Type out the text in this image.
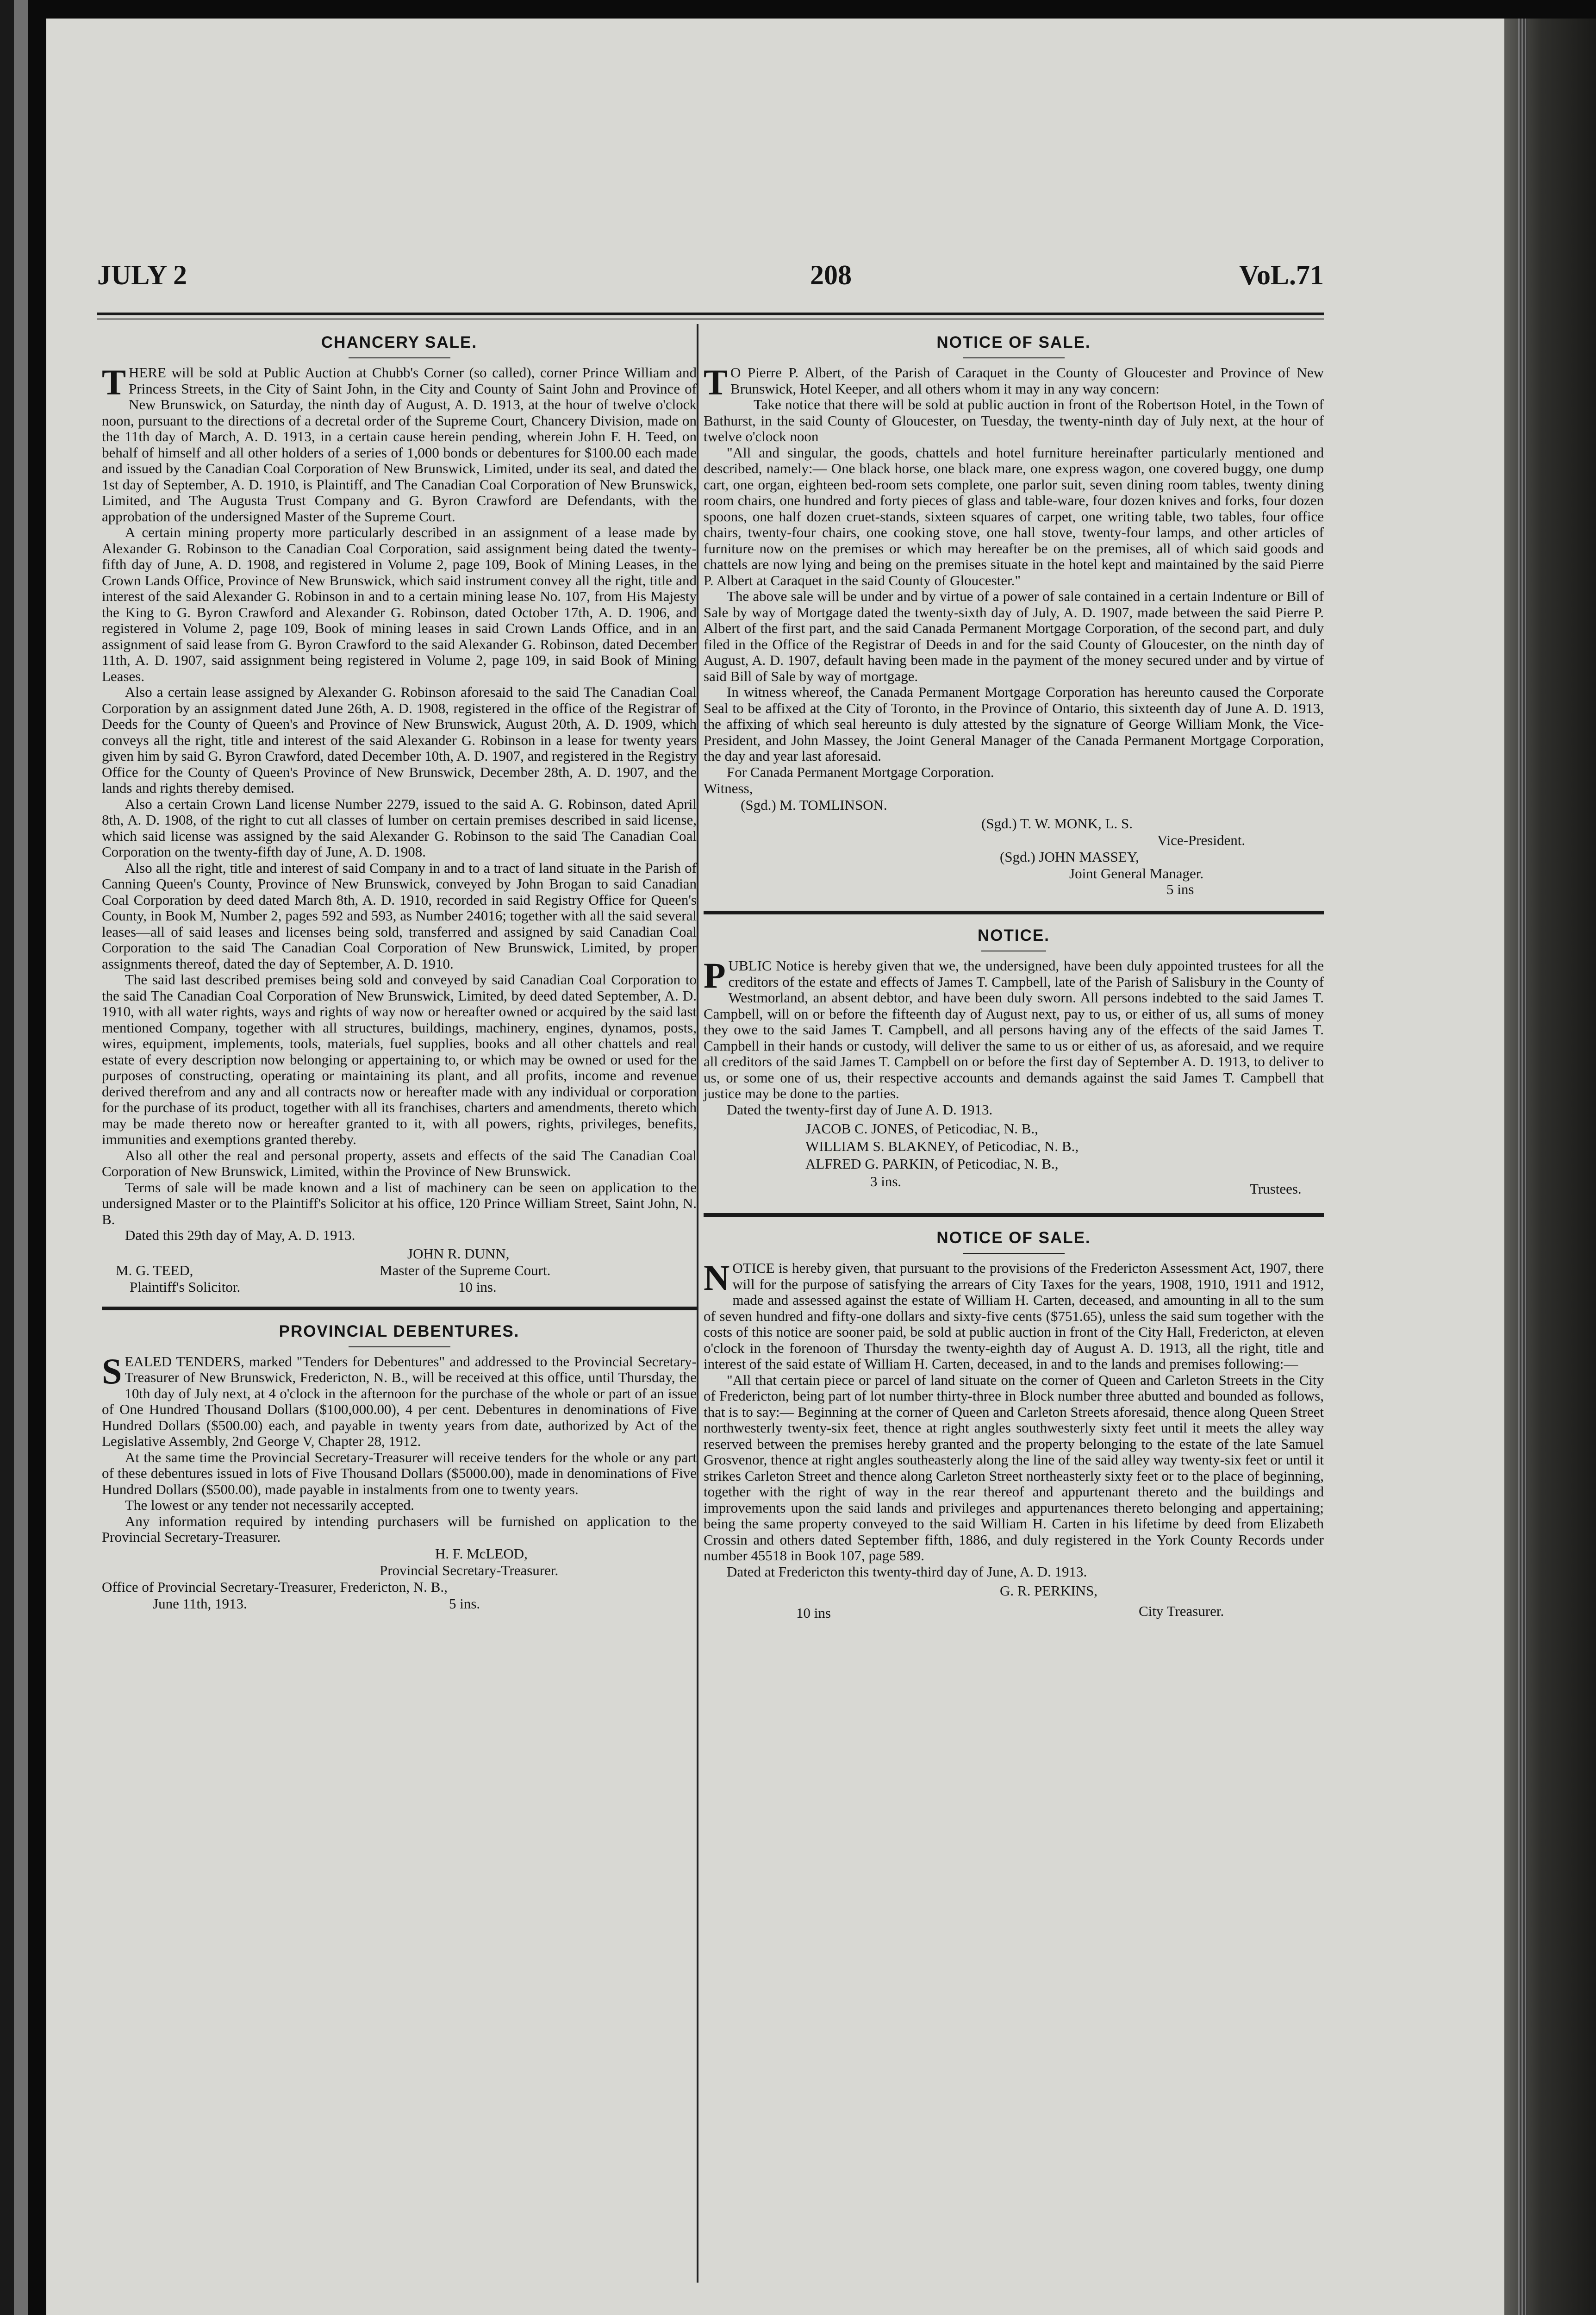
JULY 2	208	VoL.71
CHANCERY SALE.

THERE will be sold at Public Auction at Chubb's Corner (so called), corner Prince William and Princess Streets, in the City of Saint John, in the City and County of Saint John and Province of New Brunswick, on Saturday, the ninth day of August, A. D. 1913, at the hour of twelve o'clock noon, pursuant to the directions of a decretal order of the Supreme Court, Chancery Division, made on the 11th day of March, A. D. 1913, in a certain cause herein pending, wherein John F. H. Teed, on behalf of himself and all other holders of a series of 1,000 bonds or debentures for $100.00 each made and issued by the Canadian Coal Corporation of New Brunswick, Limited, under its seal, and dated the 1st day of September, A. D. 1910, is Plaintiff, and The Canadian Coal Corporation of New Brunswick, Limited, and The Augusta Trust Company and G. Byron Crawford are Defendants, with the approbation of the undersigned Master of the Supreme Court.

A certain mining property more particularly described in an assignment of a lease made by Alexander G. Robinson to the Canadian Coal Corporation, said assignment being dated the twenty-fifth day of June, A. D. 1908, and registered in Volume 2, page 109, Book of Mining Leases, in the Crown Lands Office, Province of New Brunswick, which said instrument convey all the right, title and interest of the said Alexander G. Robinson in and to a certain mining lease No. 107, from His Majesty the King to G. Byron Crawford and Alexander G. Robinson, dated October 17th, A. D. 1906, and registered in Volume 2, page 109, Book of mining leases in said Crown Lands Office, and in an assignment of said lease from G. Byron Crawford to the said Alexander G. Robinson, dated December 11th, A. D. 1907, said assignment being registered in Volume 2, page 109, in said Book of Mining Leases.

Also a certain lease assigned by Alexander G. Robinson aforesaid to the said The Canadian Coal Corporation by an assignment dated June 26th, A. D. 1908, registered in the office of the Registrar of Deeds for the County of Queen's and Province of New Brunswick, August 20th, A. D. 1909, which conveys all the right, title and interest of the said Alexander G. Robinson in a lease for twenty years given him by said G. Byron Crawford, dated December 10th, A. D. 1907, and registered in the Registry Office for the County of Queen's Province of New Brunswick, December 28th, A. D. 1907, and the lands and rights thereby demised.

Also a certain Crown Land license Number 2279, issued to the said A. G. Robinson, dated April 8th, A. D. 1908, of the right to cut all classes of lumber on certain premises described in said license, which said license was assigned by the said Alexander G. Robinson to the said The Canadian Coal Corporation on the twenty-fifth day of June, A. D. 1908.

Also all the right, title and interest of said Company in and to a tract of land situate in the Parish of Canning Queen's County, Province of New Brunswick, conveyed by John Brogan to said Canadian Coal Corporation by deed dated March 8th, A. D. 1910, recorded in said Registry Office for Queen's County, in Book M, Number 2, pages 592 and 593, as Number 24016; together with all the said several leases—all of said leases and licenses being sold, transferred and assigned by said Canadian Coal Corporation to the said The Canadian Coal Corporation of New Brunswick, Limited, by proper assignments thereof, dated the day of September, A. D. 1910.

The said last described premises being sold and conveyed by said Canadian Coal Corporation to the said The Canadian Coal Corporation of New Brunswick, Limited, by deed dated September, A. D. 1910, with all water rights, ways and rights of way now or hereafter owned or acquired by the said last mentioned Company, together with all structures, buildings, machinery, engines, dynamos, posts, wires, equipment, implements, tools, materials, fuel supplies, books and all other chattels and real estate of every description now belonging or appertaining to, or which may be owned or used for the purposes of constructing, operating or maintaining its plant, and all profits, income and revenue derived therefrom and any and all contracts now or hereafter made with any individual or corporation for the purchase of its product, together with all its franchises, charters and amendments, thereto which may be made thereto now or hereafter granted to it, with all powers, rights, privileges, benefits, immunities and exemptions granted thereby.

Also all other the real and personal property, assets and effects of the said The Canadian Coal Corporation of New Brunswick, Limited, within the Province of New Brunswick.

Terms of sale will be made known and a list of machinery can be seen on application to the undersigned Master or to the Plaintiff's Solicitor at his office, 120 Prince William Street, Saint John, N. B.

Dated this 29th day of May, A. D. 1913.

JOHN R. DUNN,
M. G. TEED,	Master of the Supreme Court.
Plaintiff's Solicitor.	10 ins.
PROVINCIAL DEBENTURES.

SEALED TENDERS, marked "Tenders for Debentures" and addressed to the Provincial Secretary-Treasurer of New Brunswick, Fredericton, N. B., will be received at this office, until Thursday, the 10th day of July next, at 4 o'clock in the afternoon for the purchase of the whole or part of an issue of One Hundred Thousand Dollars ($100,000.00), 4 per cent. Debentures in denominations of Five Hundred Dollars ($500.00) each, and payable in twenty years from date, authorized by Act of the Legislative Assembly, 2nd George V, Chapter 28, 1912.

At the same time the Provincial Secretary-Treasurer will receive tenders for the whole or any part of these debentures issued in lots of Five Thousand Dollars ($5000.00), made in denominations of Five Hundred Dollars ($500.00), made payable in instalments from one to twenty years.

The lowest or any tender not necessarily accepted.

Any information required by intending purchasers will be furnished on application to the Provincial Secretary-Treasurer.

H. F. McLEOD,
Provincial Secretary-Treasurer.
Office of Provincial Secretary-Treasurer, Fredericton, N. B.,
June 11th, 1913.	5 ins.
NOTICE OF SALE.

T O Pierre P. Albert, of the Parish of Caraquet in the County of Gloucester and Province of New Brunswick, Hotel Keeper, and all others whom it may in any way concern:

Take notice that there will be sold at public auction in front of the Robertson Hotel, in the Town of Bathurst, in the said County of Gloucester, on Tuesday, the twenty-ninth day of July next, at the hour of twelve o'clock noon

"All and singular, the goods, chattels and hotel furniture hereinafter particularly mentioned and described, namely:— One black horse, one black mare, one express wagon, one covered buggy, one dump cart, one organ, eighteen bed-room sets complete, one parlor suit, seven dining room tables, twenty dining room chairs, one hundred and forty pieces of glass and table-ware, four dozen knives and forks, four dozen spoons, one half dozen cruet-stands, sixteen squares of carpet, one writing table, two tables, four office chairs, twenty-four chairs, one cooking stove, one hall stove, twenty-four lamps, and other articles of furniture now on the premises or which may hereafter be on the premises, all of which said goods and chattels are now lying and being on the premises situate in the hotel kept and maintained by the said Pierre P. Albert at Caraquet in the said County of Gloucester."

The above sale will be under and by virtue of a power of sale contained in a certain Indenture or Bill of Sale by way of Mortgage dated the twenty-sixth day of July, A. D. 1907, made between the said Pierre P. Albert of the first part, and the said Canada Permanent Mortgage Corporation, of the second part, and duly filed in the Office of the Registrar of Deeds in and for the said County of Gloucester, on the ninth day of August, A. D. 1907, default having been made in the payment of the money secured under and by virtue of said Bill of Sale by way of mortgage.

In witness whereof, the Canada Permanent Mortgage Corporation has hereunto caused the Corporate Seal to be affixed at the City of Toronto, in the Province of Ontario, this sixteenth day of June A. D. 1913, the affixing of which seal hereunto is duly attested by the signature of George William Monk, the Vice-President, and John Massey, the Joint General Manager of the Canada Permanent Mortgage Corporation, the day and year last aforesaid.

For Canada Permanent Mortgage Corporation.

Witness,
(Sgd.) M. TOMLINSON.
(Sgd.) T. W. MONK, L. S.
Vice-President.
(Sgd.) JOHN MASSEY,
Joint General Manager.
5 ins
NOTICE.

PUBLIC Notice is hereby given that we, the undersigned, have been duly appointed trustees for all the creditors of the estate and effects of James T. Campbell, late of the Parish of Salisbury in the County of Westmorland, an absent debtor, and have been duly sworn. All persons indebted to the said James T. Campbell, will on or before the fifteenth day of August next, pay to us, or either of us, all sums of money they owe to the said James T. Campbell, and all persons having any of the effects of the said James T. Campbell in their hands or custody, will deliver the same to us or either of us, as aforesaid, and we require all creditors of the said James T. Campbell on or before the first day of September A. D. 1913, to deliver to us, or some one of us, their respective accounts and demands against the said James T. Campbell that justice may be done to the parties.

Dated the twenty-first day of June A. D. 1913.

JACOB C. JONES, of Peticodiac, N. B.,
WILLIAM S. BLAKNEY, of Peticodiac, N. B.,
ALFRED G. PARKIN, of Peticodiac, N. B.,
3 ins.	Trustees.
NOTICE OF SALE.

NOTICE is hereby given, that pursuant to the provisions of the Fredericton Assessment Act, 1907, there will for the purpose of satisfying the arrears of City Taxes for the years, 1908, 1910, 1911 and 1912, made and assessed against the estate of William H. Carten, deceased, and amounting in all to the sum of seven hundred and fifty-one dollars and sixty-five cents ($751.65), unless the said sum together with the costs of this notice are sooner paid, be sold at public auction in front of the City Hall, Fredericton, at eleven o'clock in the forenoon of Thursday the twenty-eighth day of August A. D. 1913, all the right, title and interest of the said estate of William H. Carten, deceased, in and to the lands and premises following:—

"All that certain piece or parcel of land situate on the corner of Queen and Carleton Streets in the City of Fredericton, being part of lot number thirty-three in Block number three abutted and bounded as follows, that is to say:— Beginning at the corner of Queen and Carleton Streets aforesaid, thence along Queen Street northwesterly twenty-six feet, thence at right angles southwesterly sixty feet until it meets the alley way reserved between the premises hereby granted and the property belonging to the estate of the late Samuel Grosvenor, thence at right angles southeasterly along the line of the said alley way twenty-six feet or until it strikes Carleton Street and thence along Carleton Street northeasterly sixty feet or to the place of beginning, together with the right of way in the rear thereof and appurtenant thereto and the buildings and improvements upon the said lands and privileges and appurtenances thereto belonging and appertaining; being the same property conveyed to the said William H. Carten in his lifetime by deed from Elizabeth Crossin and others dated September fifth, 1886, and duly registered in the York County Records under number 45518 in Book 107, page 589.

Dated at Fredericton this twenty-third day of June, A. D. 1913.

G. R. PERKINS,
10 ins	City Treasurer.
